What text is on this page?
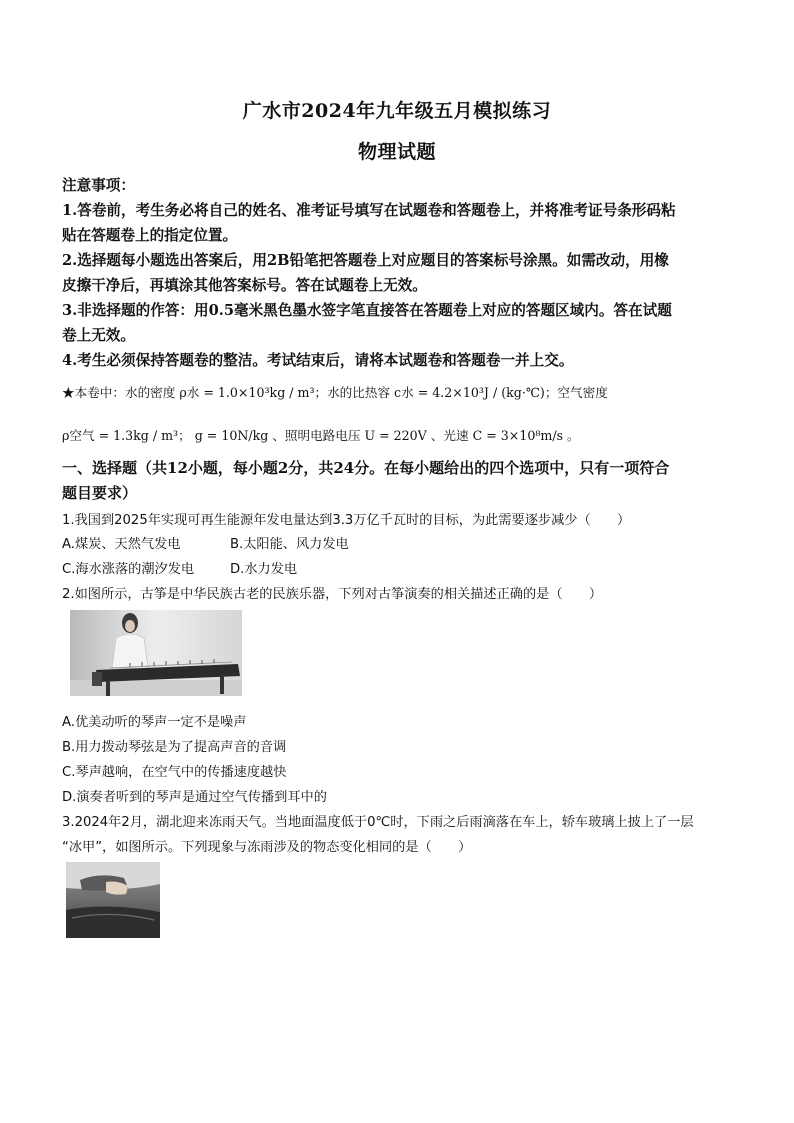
广水市2024年九年级五月模拟练习
物理试题
注意事项：
1.答卷前，考生务必将自己的姓名、准考证号填写在试题卷和答题卷上，并将准考证号条形码粘
贴在答题卷上的指定位置。
2.选择题每小题选出答案后，用2B铅笔把答题卷上对应题目的答案标号涂黑。如需改动，用橡
皮擦干净后，再填涂其他答案标号。答在试题卷上无效。
3.非选择题的作答：用0.5毫米黑色墨水签字笔直接答在答题卷上对应的答题区域内。答在试题
卷上无效。
4.考生必须保持答题卷的整洁。考试结束后，请将本试题卷和答题卷一并上交。
★本卷中：水的密度 ρ水 = 1.0×10³kg / m³；水的比热容 c水 = 4.2×10³J / (kg·℃)；空气密度
ρ空气 = 1.3kg / m³； g = 10N/kg 、照明电路电压 U = 220V 、光速 C = 3×10⁸m/s 。
一、选择题（共12小题，每小题2分，共24分。在每小题给出的四个选项中，只有一项符合
题目要求）
1.我国到2025年实现可再生能源年发电量达到3.3万亿千瓦时的目标，为此需要逐步减少（　　）
A.煤炭、天然气发电	B.太阳能、风力发电
C.海水涨落的潮汐发电	D.水力发电
2.如图所示，古筝是中华民族古老的民族乐器，下列对古筝演奏的相关描述正确的是（　　）
A.优美动听的琴声一定不是噪声
B.用力拨动琴弦是为了提高声音的音调
C.琴声越响，在空气中的传播速度越快
D.演奏者听到的琴声是通过空气传播到耳中的
3.2024年2月，湖北迎来冻雨天气。当地面温度低于0℃时，下雨之后雨滴落在车上，轿车玻璃上披上了一层
“冰甲”，如图所示。下列现象与冻雨涉及的物态变化相同的是（　　）
